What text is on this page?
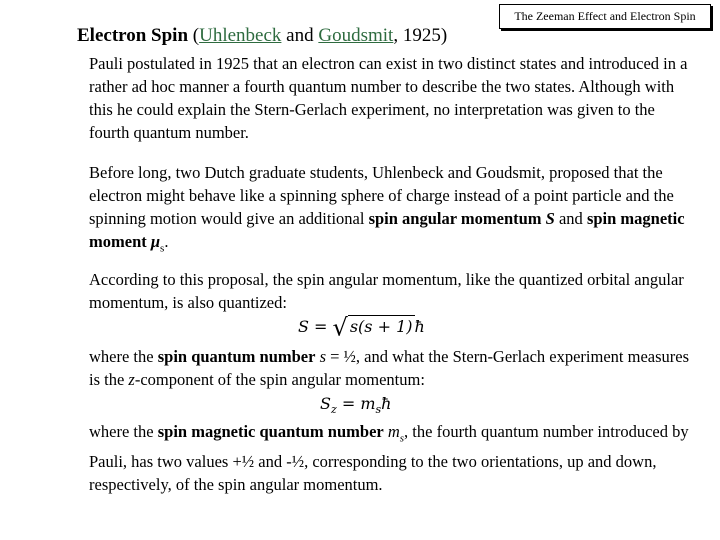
The Zeeman Effect and Electron Spin
Electron Spin (Uhlenbeck and Goudsmit, 1925)
Pauli postulated in 1925 that an electron can exist in two distinct states and introduced in a rather ad hoc manner a fourth quantum number to describe the two states. Although with this he could explain the Stern-Gerlach experiment, no interpretation was given to the fourth quantum number.
Before long, two Dutch graduate students, Uhlenbeck and Goudsmit, proposed that the electron might behave like a spinning sphere of charge instead of a point particle and the spinning motion would give an additional spin angular momentum S and spin magnetic moment $\mu_s$.
According to this proposal, the spin angular momentum, like the quantized orbital angular momentum, is also quantized:
S = √ s(s + 1) ħ
where the spin quantum number s = ½, and what the Stern-Gerlach experiment measures is the z-component of the spin angular momentum:
$S_z$ = $m_sħ$
where the spin magnetic quantum number $m_s$, the fourth quantum number introduced by Pauli, has two values +½ and -½, corresponding to the two orientations, up and down, respectively, of the spin angular momentum.
